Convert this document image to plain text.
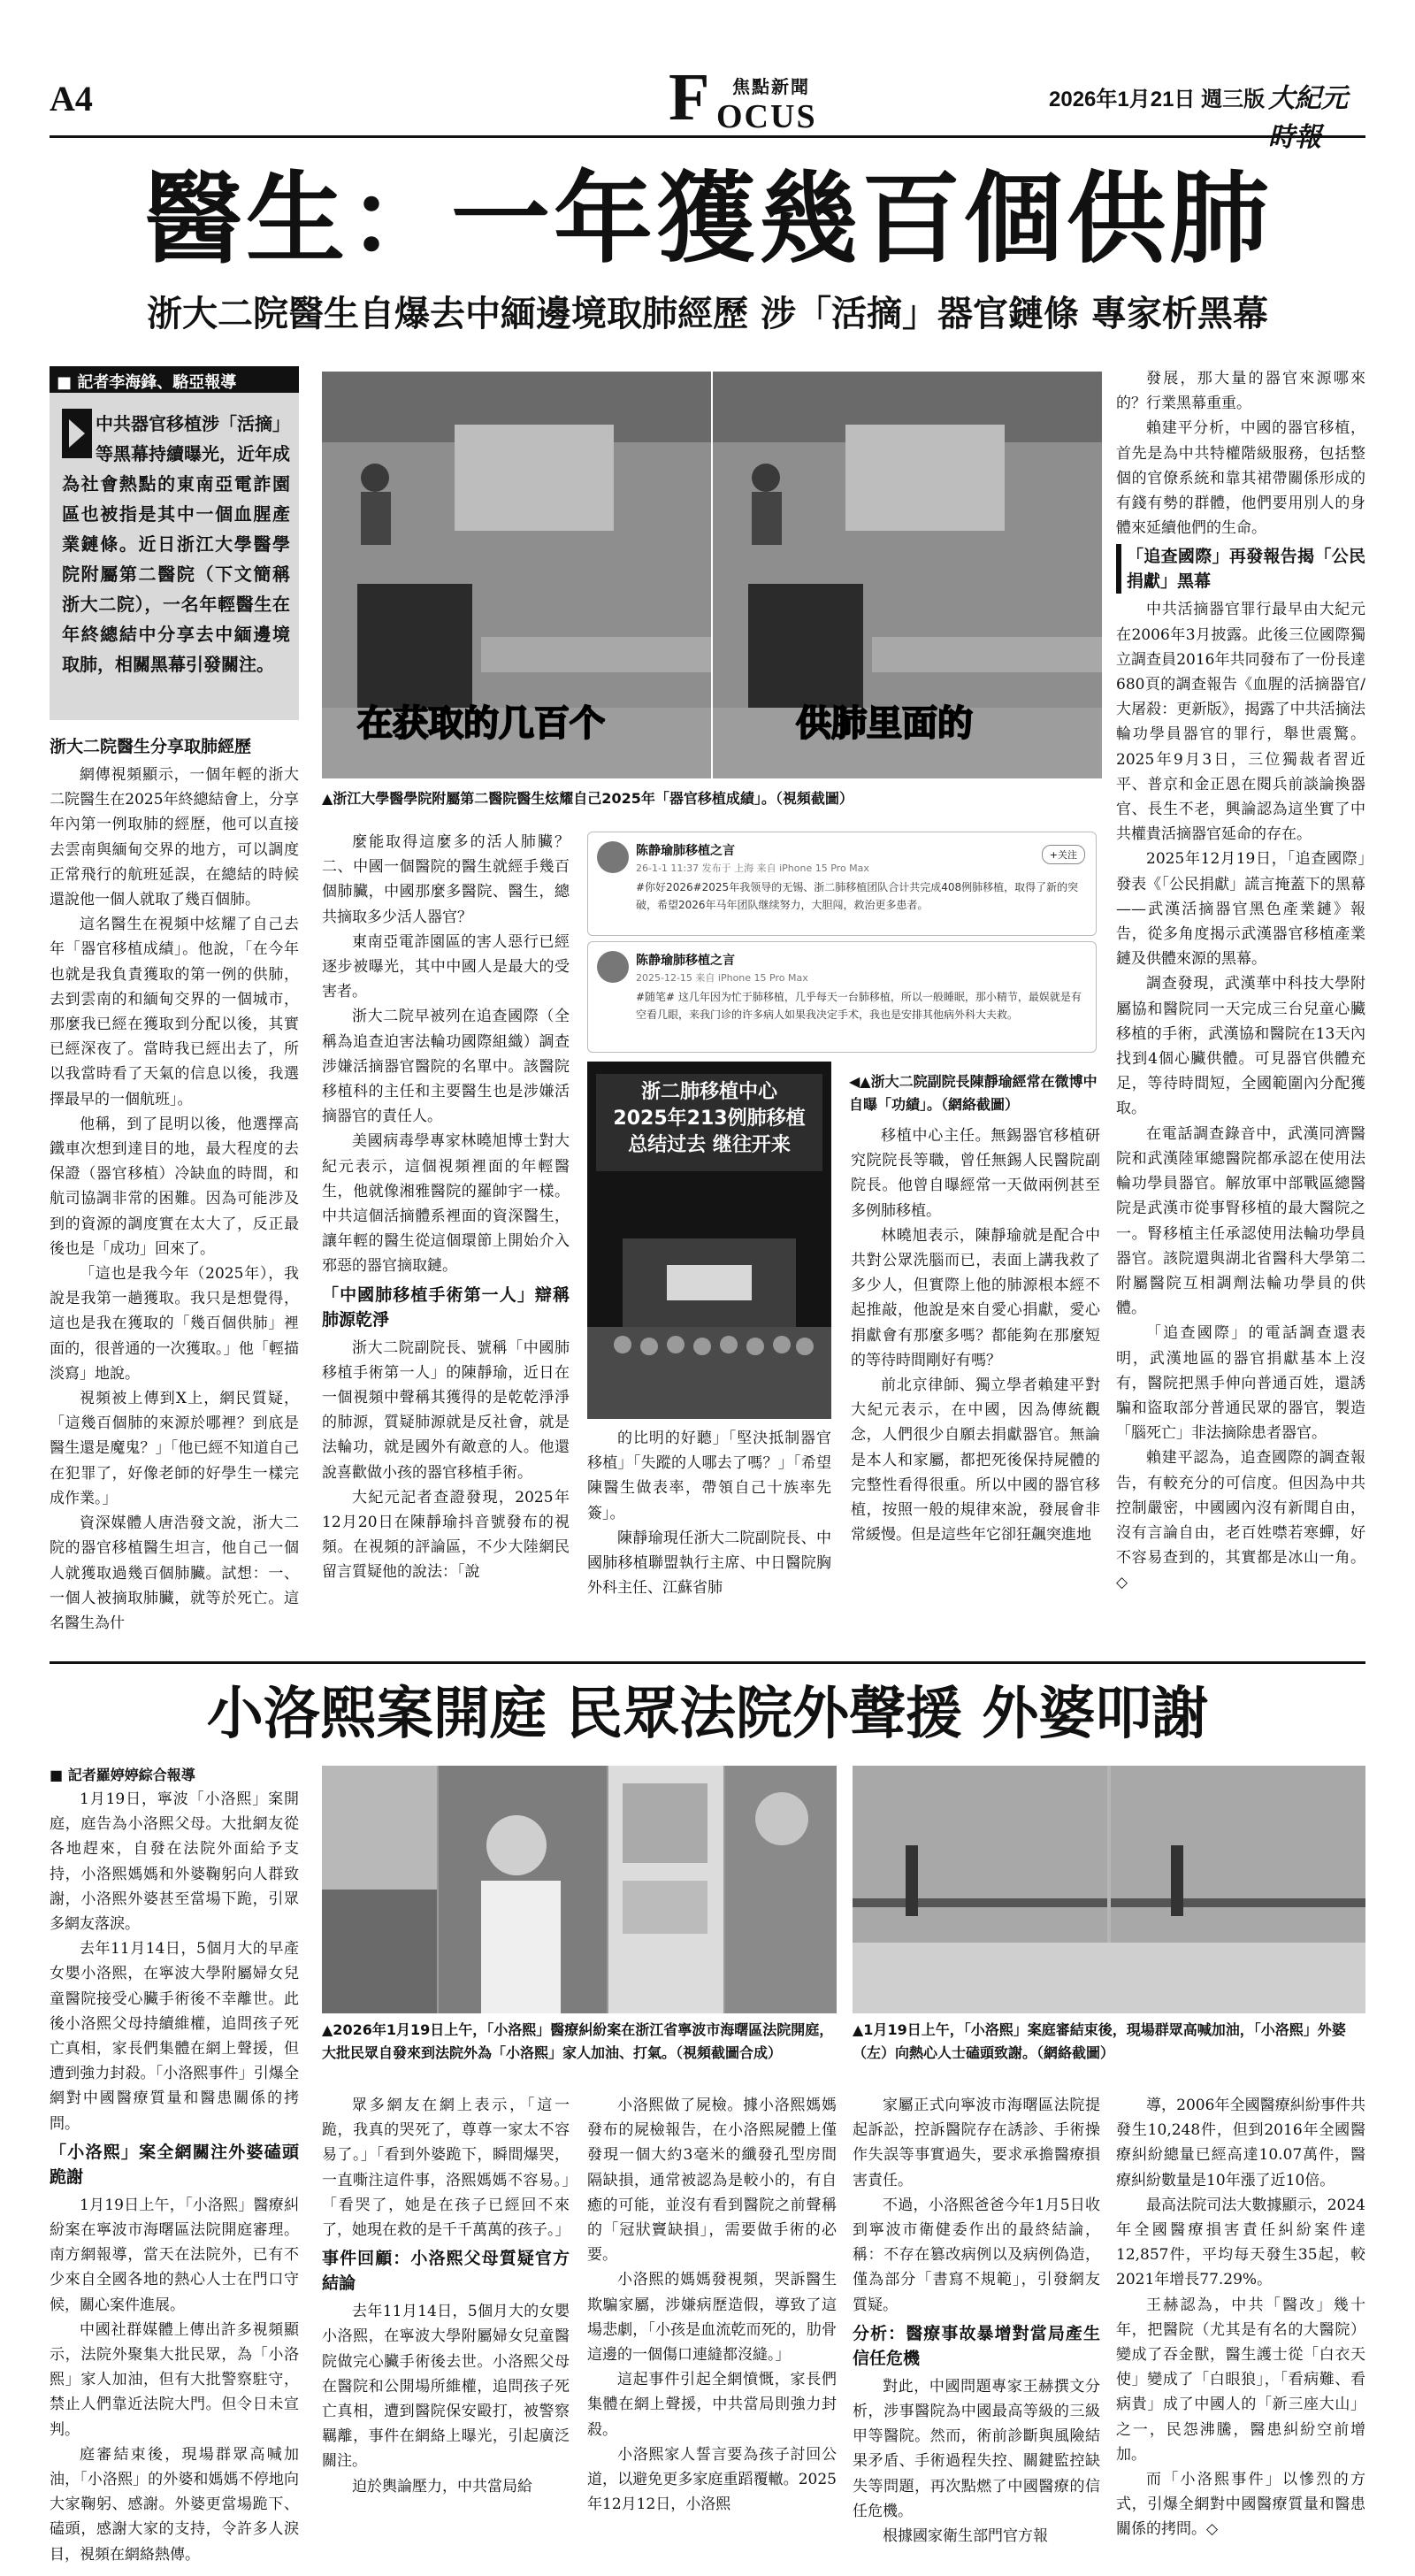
A4	F 焦點新聞
OCUS	2026年1月21日 週三版 大紀元時報
醫生：一年獲幾百個供肺
浙大二院醫生自爆去中緬邊境取肺經歷 涉「活摘」器官鏈條 專家析黑幕
■ 記者李海鋒、駱亞報導
中共器官移植涉「活摘」等黑幕持續曝光，近年成為社會熱點的東南亞電詐園區也被指是其中一個血腥產業鏈條。近日浙江大學醫學院附屬第二醫院（下文簡稱浙大二院），一名年輕醫生在年終總結中分享去中緬邊境取肺，相關黑幕引發關注。
在获取的几百个	供肺里面的
▲浙江大學醫學院附屬第二醫院醫生炫耀自己2025年「器官移植成績」。（視頻截圖）
浙大二院醫生分享取肺經歷

網傳視頻顯示，一個年輕的浙大二院醫生在2025年終總結會上，分享年內第一例取肺的經歷，他可以直接去雲南與緬甸交界的地方，可以調度正常飛行的航班延誤，在總結的時候還說他一個人就取了幾百個肺。

這名醫生在視頻中炫耀了自己去年「器官移植成績」。他說，「在今年也就是我負責獲取的第一例的供肺，去到雲南的和緬甸交界的一個城市，那麼我已經在獲取到分配以後，其實已經深夜了。當時我已經出去了，所以我當時看了天氣的信息以後，我選擇最早的一個航班」。

他稱，到了昆明以後，他選擇高鐵車次想到達目的地，最大程度的去保證（器官移植）冷缺血的時間，和航司協調非常的困難。因為可能涉及到的資源的調度實在太大了，反正最後也是「成功」回來了。

「這也是我今年（2025年），我說是我第一趟獲取。我只是想覺得，這也是我在獲取的「幾百個供肺」裡面的，很普通的一次獲取。」他「輕描淡寫」地說。

視頻被上傳到X上，網民質疑，「這幾百個肺的來源於哪裡？到底是醫生還是魔鬼？」「他已經不知道自己在犯罪了，好像老師的好學生一樣完成作業。」

資深媒體人唐浩發文說，浙大二院的器官移植醫生坦言，他自己一個人就獲取過幾百個肺臟。試想：一、一個人被摘取肺臟，就等於死亡。這名醫生為什

麼能取得這麼多的活人肺臟？二、中國一個醫院的醫生就經手幾百個肺臟，中國那麼多醫院、醫生，總共摘取多少活人器官？

東南亞電詐園區的害人惡行已經逐步被曝光，其中中國人是最大的受害者。

浙大二院早被列在追查國際（全稱為追查迫害法輪功國際組織）調查涉嫌活摘器官醫院的名單中。該醫院移植科的主任和主要醫生也是涉嫌活摘器官的責任人。

美國病毒學專家林曉旭博士對大紀元表示，這個視頻裡面的年輕醫生，他就像湘雅醫院的羅帥宇一樣。中共這個活摘體系裡面的資深醫生，讓年輕的醫生從這個環節上開始介入邪惡的器官摘取鏈。

「中國肺移植手術第一人」辯稱肺源乾淨

浙大二院副院長、號稱「中國肺移植手術第一人」的陳靜瑜，近日在一個視頻中聲稱其獲得的是乾乾淨淨的肺源，質疑肺源就是反社會，就是法輪功，就是國外有敵意的人。他還說喜歡做小孩的器官移植手術。

大紀元記者查證發現，2025年12月20日在陳靜瑜抖音號發布的視頻。在視頻的評論區，不少大陸網民留言質疑他的說法：「說

陈静瑜肺移植之言	+关注
26-1-1 11:37 发布于 上海 来自 iPhone 15 Pro Max
#你好2026#2025年我领导的无锡、浙二肺移植团队合计共完成408例肺移植，取得了新的突破，希望2026年马年团队继续努力，大胆闯，救治更多患者。
陈静瑜肺移植之言
2025-12-15 来自 iPhone 15 Pro Max
#随笔# 这几年因为忙于肺移植，几乎每天一台肺移植，所以一般睡眠，那小精节，最娱就是有空看几眼，来我门诊的许多病人如果我决定手术，我也是安排其他病外科大夫救。
浙二肺移植中心
2025年213例肺移植
总结过去 继往开来
◀▲浙大二院副院長陳靜瑜經常在微博中自曝「功績」。（網絡截圖）

的比明的好聽」「堅決抵制器官移植」「失蹤的人哪去了嗎？」「希望陳醫生做表率，帶領自己十族率先簽」。

陳靜瑜現任浙大二院副院長、中國肺移植聯盟執行主席、中日醫院胸外科主任、江蘇省肺

移植中心主任。無錫器官移植研究院院長等職，曾任無錫人民醫院副院長。他曾自曝經常一天做兩例甚至多例肺移植。

林曉旭表示，陳靜瑜就是配合中共對公眾洗腦而已，表面上講我救了多少人，但實際上他的肺源根本經不起推敲，他說是來自愛心捐獻，愛心捐獻會有那麼多嗎？都能夠在那麼短的等待時間剛好有嗎？

前北京律師、獨立學者賴建平對大紀元表示，在中國，因為傳統觀念，人們很少自願去捐獻器官。無論是本人和家屬，都把死後保持屍體的完整性看得很重。所以中國的器官移植，按照一般的規律來說，發展會非常緩慢。但是這些年它卻狂飆突進地

發展，那大量的器官來源哪來的？行業黑幕重重。

賴建平分析，中國的器官移植，首先是為中共特權階級服務，包括整個的官僚系統和靠其裙帶關係形成的有錢有勢的群體，他們要用別人的身體來延續他們的生命。

「追查國際」再發報告揭「公民捐獻」黑幕

中共活摘器官罪行最早由大紀元在2006年3月披露。此後三位國際獨立調查員2016年共同發布了一份長達680頁的調查報告《血腥的活摘器官/大屠殺：更新版》，揭露了中共活摘法輪功學員器官的罪行，舉世震驚。2025年9月3日，三位獨裁者習近平、普京和金正恩在閱兵前談論換器官、長生不老，興論認為這坐實了中共權貴活摘器官延命的存在。

2025年12月19日，「追查國際」發表《「公民捐獻」謊言掩蓋下的黑幕——武漢活摘器官黑色產業鏈》報告，從多角度揭示武漢器官移植產業鏈及供體來源的黑幕。

調查發現，武漢華中科技大學附屬協和醫院同一天完成三台兒童心臟移植的手術，武漢協和醫院在13天內找到4個心臟供體。可見器官供體充足，等待時間短，全國範圍內分配獲取。

在電話調查錄音中，武漢同濟醫院和武漢陸軍總醫院都承認在使用法輪功學員器官。解放軍中部戰區總醫院是武漢市從事腎移植的最大醫院之一。腎移植主任承認使用法輪功學員器官。該院還與湖北省醫科大學第二附屬醫院互相調劑法輪功學員的供體。

「追查國際」的電話調查還表明，武漢地區的器官捐獻基本上沒有，醫院把黑手伸向普通百姓，還誘騙和盜取部分普通民眾的器官，製造「腦死亡」非法摘除患者器官。

賴建平認為，追查國際的調查報告，有較充分的可信度。但因為中共控制嚴密，中國國內沒有新聞自由，沒有言論自由，老百姓噤若寒蟬，好不容易查到的，其實都是冰山一角。◇

小洛熙案開庭 民眾法院外聲援 外婆叩謝
■ 記者羅婷婷綜合報導

1月19日，寧波「小洛熙」案開庭，庭告為小洛熙父母。大批網友從各地趕來，自發在法院外面給予支持，小洛熙媽媽和外婆鞠躬向人群致謝，小洛熙外婆甚至當場下跪，引眾多網友落淚。

去年11月14日，5個月大的早產女嬰小洛熙，在寧波大學附屬婦女兒童醫院接受心臟手術後不幸離世。此後小洛熙父母持續維權，追問孩子死亡真相，家長們集體在網上聲援，但遭到強力封殺。「小洛熙事件」引爆全網對中國醫療質量和醫患關係的拷問。

「小洛熙」案全網關注外婆磕頭跪謝

1月19日上午，「小洛熙」醫療糾紛案在寧波市海曙區法院開庭審理。南方網報導，當天在法院外，已有不少來自全國各地的熱心人士在門口守候，關心案件進展。

中國社群媒體上傳出許多視頻顯示，法院外聚集大批民眾，為「小洛熙」家人加油，但有大批警察駐守，禁止人們靠近法院大門。但令日未宣判。

庭審結束後，現場群眾高喊加油，「小洛熙」的外婆和媽媽不停地向大家鞠躬、感謝。外婆更當場跪下、磕頭，感謝大家的支持，令許多人淚目，視頻在網絡熱傳。

▲2026年1月19日上午，「小洛熙」醫療糾紛案在浙江省寧波市海曙區法院開庭，大批民眾自發來到法院外為「小洛熙」家人加油、打氣。（視頻截圖合成）
▲1月19日上午，「小洛熙」案庭審結束後，現場群眾高喊加油，「小洛熙」外婆（左）向熱心人士磕頭致謝。（網絡截圖）

眾多網友在網上表示，「這一跪，我真的哭死了，尊尊一家太不容易了。」「看到外婆跪下，瞬間爆哭，一直嘶注這件事，洛熙媽媽不容易。」「看哭了，她是在孩子已經回不來了，她現在救的是千千萬萬的孩子。」

事件回顧：小洛熙父母質疑官方結論

去年11月14日，5個月大的女嬰小洛熙，在寧波大學附屬婦女兒童醫院做完心臟手術後去世。小洛熙父母在醫院和公開場所維權，追問孩子死亡真相，遭到醫院保安毆打，被警察羈離，事件在網絡上曝光，引起廣泛關注。

迫於輿論壓力，中共當局給

小洛熙做了屍檢。據小洛熙媽媽發布的屍檢報告，在小洛熙屍體上僅發現一個大約3毫米的纖發孔型房間隔缺損，通常被認為是較小的，有自癒的可能，並沒有看到醫院之前聲稱的「冠狀竇缺損」，需要做手術的必要。

小洛熙的媽媽發視頻，哭訴醫生欺騙家屬，涉嫌病歷造假，導致了這場悲劇，「小孩是血流乾而死的，肋骨這邊的一個傷口連縫都沒縫。」

這起事件引起全網憤慨，家長們集體在網上聲援，中共當局則強力封殺。

小洛熙家人誓言要為孩子討回公道，以避免更多家庭重蹈覆轍。2025年12月12日，小洛熙

家屬正式向寧波市海曙區法院提起訴訟，控訴醫院存在誘診、手術操作失誤等事實過失，要求承擔醫療損害責任。

不過，小洛熙爸爸今年1月5日收到寧波市衛健委作出的最終結論，稱：不存在篡改病例以及病例偽造，僅為部分「書寫不規範」，引發網友質疑。

分析：醫療事故暴增對當局產生信任危機

對此，中國問題專家王赫撰文分析，涉事醫院為中國最高等級的三級甲等醫院。然而，術前診斷與風險結果矛盾、手術過程失控、關鍵監控缺失等問題，再次點燃了中國醫療的信任危機。

根據國家衛生部門官方報

導，2006年全國醫療糾紛事件共發生10,248件，但到2016年全國醫療糾紛總量已經高達10.07萬件，醫療糾紛數量是10年漲了近10倍。

最高法院司法大數據顯示，2024年全國醫療損害責任糾紛案件達12,857件，平均每天發生35起，較2021年增長77.29%。

王赫認為，中共「醫改」幾十年，把醫院（尤其是有名的大醫院）變成了吞金獸，醫生護士從「白衣天使」變成了「白眼狼」，「看病難、看病貴」成了中國人的「新三座大山」之一，民怨沸騰，醫患糾紛空前增加。

而「小洛熙事件」以慘烈的方式，引爆全網對中國醫療質量和醫患關係的拷問。◇
